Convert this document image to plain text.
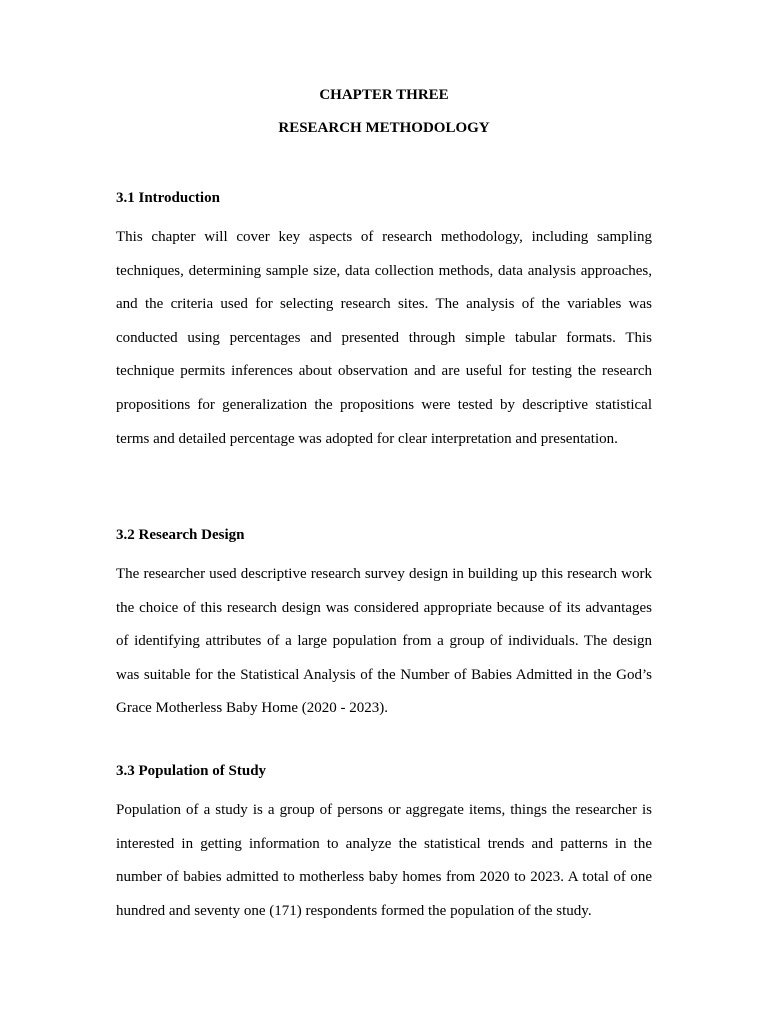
CHAPTER THREE
RESEARCH METHODOLOGY
3.1 Introduction

This chapter will cover key aspects of research methodology, including sampling techniques, determining sample size, data collection methods, data analysis approaches, and the criteria used for selecting research sites. The analysis of the variables was conducted using percentages and presented through simple tabular formats. This technique permits inferences about observation and are useful for testing the research propositions for generalization the propositions were tested by descriptive statistical terms and detailed percentage was adopted for clear interpretation and presentation.

3.2 Research Design

The researcher used descriptive research survey design in building up this research work the choice of this research design was considered appropriate because of its advantages of identifying attributes of a large population from a group of individuals. The design was suitable for the Statistical Analysis of the Number of Babies Admitted in the God’s Grace Motherless Baby Home (2020 - 2023).

3.3 Population of Study

Population of a study is a group of persons or aggregate items, things the researcher is interested in getting information to analyze the statistical trends and patterns in the number of babies admitted to motherless baby homes from 2020 to 2023. A total of one hundred and seventy one (171) respondents formed the population of the study.
